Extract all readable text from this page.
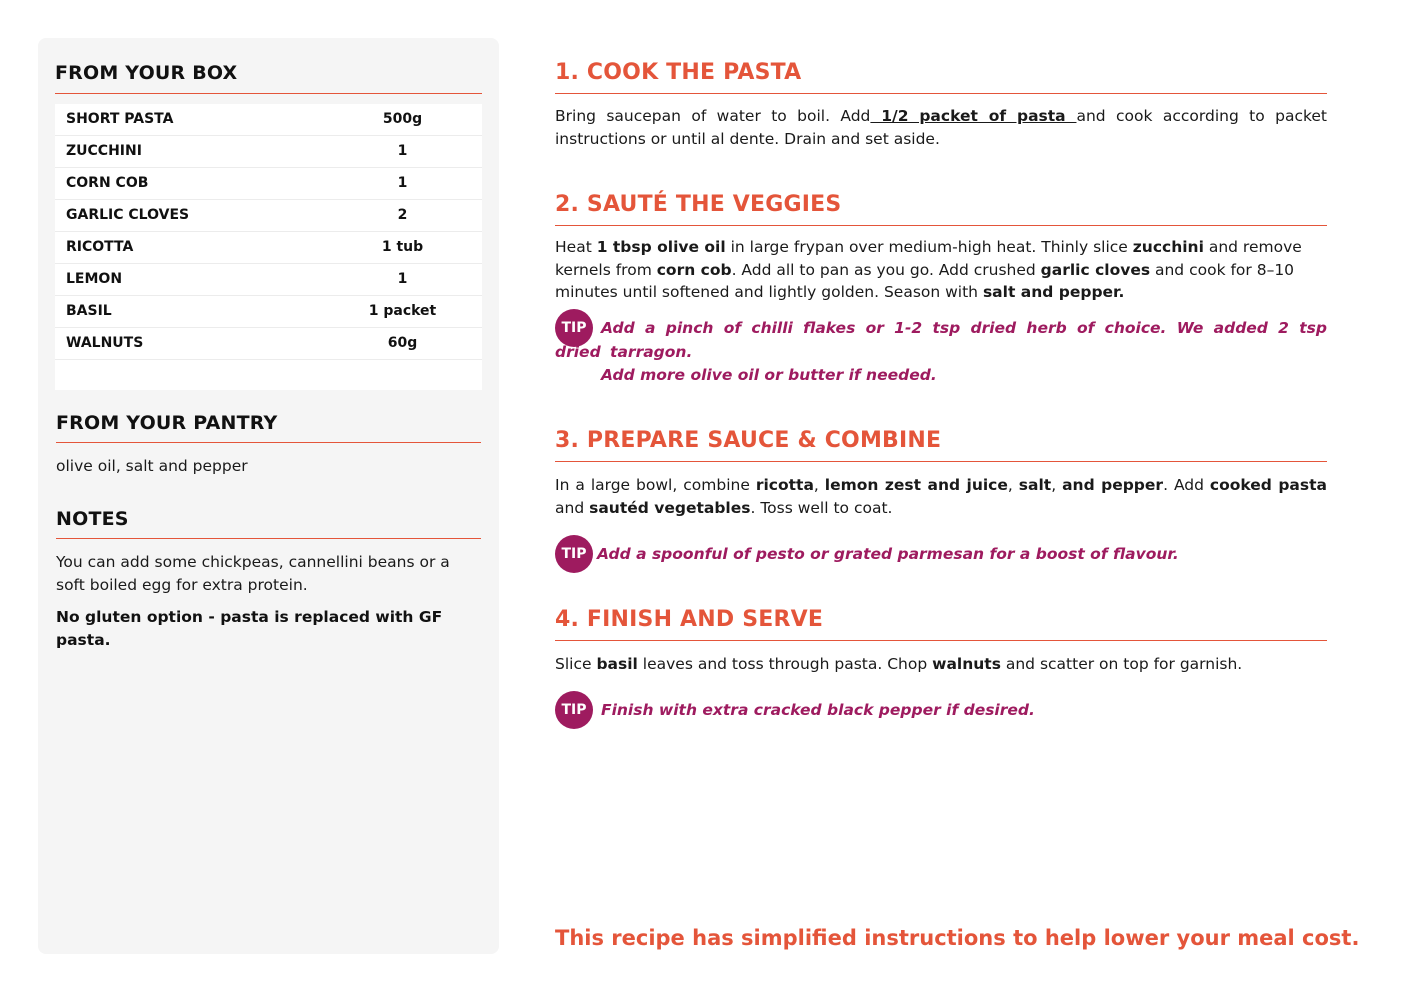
FROM YOUR BOX
SHORT PASTA	500g
ZUCCHINI	1
CORN COB	1
GARLIC CLOVES	2
RICOTTA	1 tub
LEMON	1
BASIL	1 packet
WALNUTS	60g
FROM YOUR PANTRY
olive oil, salt and pepper
NOTES
You can add some chickpeas, cannellini beans or a soft boiled egg for extra protein.
No gluten option - pasta is replaced with GF pasta.
1. COOK THE PASTA
Bring saucepan of water to boil. Add 1/2 packet of pasta and cook according to packet instructions or until al dente. Drain and set aside.
2. SAUTÉ THE VEGGIES
Heat 1 tbsp olive oil in large frypan over medium-high heat. Thinly slice zucchini and remove kernels from corn cob. Add all to pan as you go. Add crushed garlic cloves and cook for 8–10 minutes until softened and lightly golden. Season with salt and pepper.
TIP Add a pinch of chilli flakes or 1-2 tsp dried herb of choice. We added 2 tsp dried tarragon.
Add more olive oil or butter if needed.
3. PREPARE SAUCE & COMBINE
In a large bowl, combine ricotta, lemon zest and juice, salt, and pepper. Add cooked pasta and sautéd vegetables. Toss well to coat.
TIP Add a spoonful of pesto or grated parmesan for a boost of flavour.
4. FINISH AND SERVE
Slice basil leaves and toss through pasta. Chop walnuts and scatter on top for garnish.
TIP Finish with extra cracked black pepper if desired.
This recipe has simplified instructions to help lower your meal cost.
